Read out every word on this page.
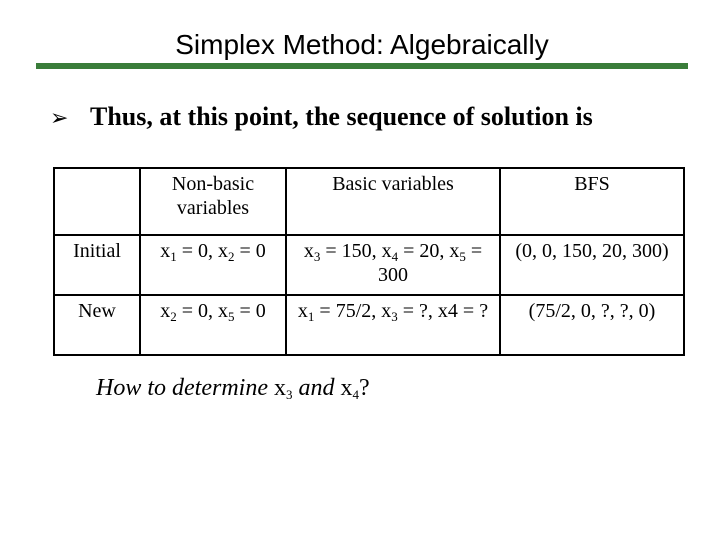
Simplex Method: Algebraically
➢ Thus, at this point, the sequence of solution is
	Non-basic variables	Basic variables	BFS
Initial	$x_1 = 0$, $x_2 = 0$	$x_3 = 150$, $x_4 = 20$, $x_5 = 300$	(0, 0, 150, 20, 300)
New	$x_2 = 0$, $x_5 = 0$	$x_1 = 75/2$, $x_3$ = ?, x4 = ?	(75/2, 0, ?, ?, 0)
How to determine $x_3$ and $x_4$?
